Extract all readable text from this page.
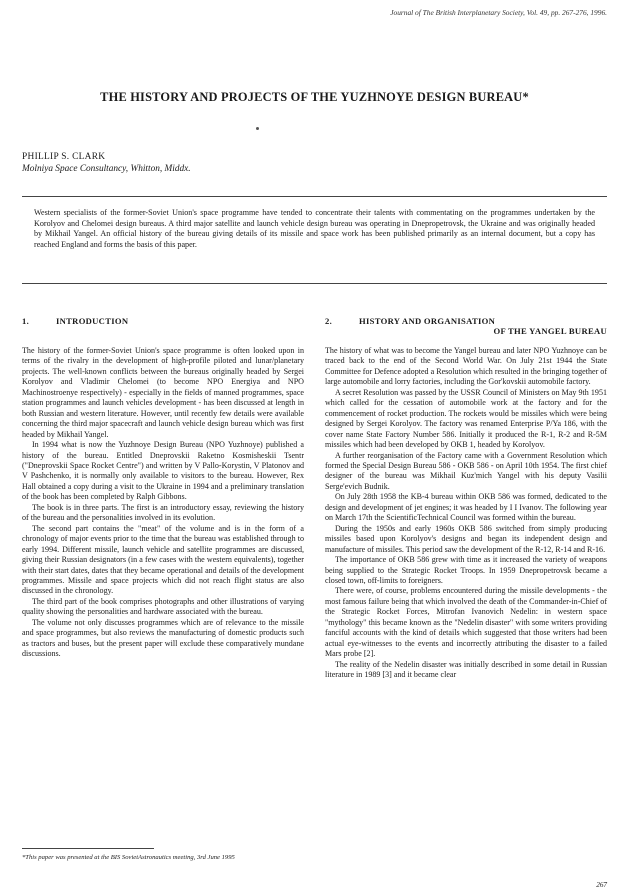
Journal of The British Interplanetary Society, Vol. 49, pp. 267-276, 1996.
THE HISTORY AND PROJECTS OF THE YUZHNOYE DESIGN BUREAU*
PHILLIP S. CLARK
Molniya Space Consultancy, Whitton, Middx.

Western specialists of the former-Soviet Union's space programme have tended to concentrate their talents with commentating on the programmes undertaken by the Korolyov and Chelomei design bureaus. A third major satellite and launch vehicle design bureau was operating in Dnepropetrovsk, the Ukraine and was originally headed by Mikhail Yangel. An official history of the bureau giving details of its missile and space work has been published primarily as an internal document, but a copy has reached England and forms the basis of this paper.

1.	INTRODUCTION

The history of the former-Soviet Union's space programme is often looked upon in terms of the rivalry in the development of high-profile piloted and lunar/planetary projects. The well-known conflicts between the bureaus originally headed by Sergei Korolyov and Vladimir Chelomei (to become NPO Energiya and NPO Machinostroenye respectively) - especially in the fields of manned programmes, space station programmes and launch vehicles development - has been discussed at length in both Russian and western literature. However, until recently few details were available concerning the third major spacecraft and launch vehicle design bureau which was first headed by Mikhail Yangel.

In 1994 what is now the Yuzhnoye Design Bureau (NPO Yuzhnoye) published a history of the bureau. Entitled Dneprovskii Raketno Kosmisheskii Tsentr ("Dneprovskii Space Rocket Centre") and written by V Pallo-Korystin, V Platonov and V Pashchenko, it is normally only available to visitors to the bureau. However, Rex Hall obtained a copy during a visit to the Ukraine in 1994 and a preliminary translation of the book has been completed by Ralph Gibbons.

The book is in three parts. The first is an introductory essay, reviewing the history of the bureau and the personalities involved in its evolution.

The second part contains the "meat" of the volume and is in the form of a chronology of major events prior to the time that the bureau was established through to early 1994. Different missile, launch vehicle and satellite programmes are discussed, giving their Russian designators (in a few cases with the western equivalents), together with their start dates, dates that they became operational and details of the development programmes. Missile and space projects which did not reach flight status are also discussed in the chronology.

The third part of the book comprises photographs and other illustrations of varying quality showing the personalities and hardware associated with the bureau.

The volume not only discusses programmes which are of relevance to the missile and space programmes, but also reviews the manufacturing of domestic products such as tractors and buses, but the present paper will exclude these comparatively mundane discussions.

2.	HISTORY AND ORGANISATION
OF THE YANGEL BUREAU

The history of what was to become the Yangel bureau and later NPO Yuzhnoye can be traced back to the end of the Second World War. On July 21st 1944 the State Committee for Defence adopted a Resolution which resulted in the bringing together of large automobile and lorry factories, including the Gor'kovskii automobile factory.

A secret Resolution was passed by the USSR Council of Ministers on May 9th 1951 which called for the cessation of automobile work at the factory and for the commencement of rocket production. The rockets would be missiles which were being designed by Sergei Korolyov. The factory was renamed Enterprise P/Ya 186, with the cover name State Factory Number 586. Initially it produced the R-1, R-2 and R-5M missiles which had been developed by OKB 1, headed by Korolyov.

A further reorganisation of the Factory came with a Government Resolution which formed the Special Design Bureau 586 - OKB 586 - on April 10th 1954. The first chief designer of the bureau was Mikhail Kuz'mich Yangel with his deputy Vasilii Serge'evich Budnik.

On July 28th 1958 the KB-4 bureau within OKB 586 was formed, dedicated to the design and development of jet engines; it was headed by I I Ivanov. The following year on March 17th the ScientificTechnical Council was formed within the bureau.

During the 1950s and early 1960s OKB 586 switched from simply producing missiles based upon Korolyov's designs and began its independent design and manufacture of missiles. This period saw the development of the R-12, R-14 and R-16.

The importance of OKB 586 grew with time as it increased the variety of weapons being supplied to the Strategic Rocket Troops. In 1959 Dnepropetrovsk became a closed town, off-limits to foreigners.

There were, of course, problems encountered during the missile developments - the most famous failure being that which involved the death of the Commander-in-Chief of the Strategic Rocket Forces, Mitrofan Ivanovich Nedelin: in western space "mythology" this became known as the "Nedelin disaster" with some writers providing fanciful accounts with the kind of details which suggested that those writers had been actual eye-witnesses to the events and incorrectly attributing the disaster to a failed Mars probe [2].

The reality of the Nedelin disaster was initially described in some detail in Russian literature in 1989 [3] and it became clear

*This paper was presented at the BIS SovietAstronautics meeting, 3rd June 1995
267
